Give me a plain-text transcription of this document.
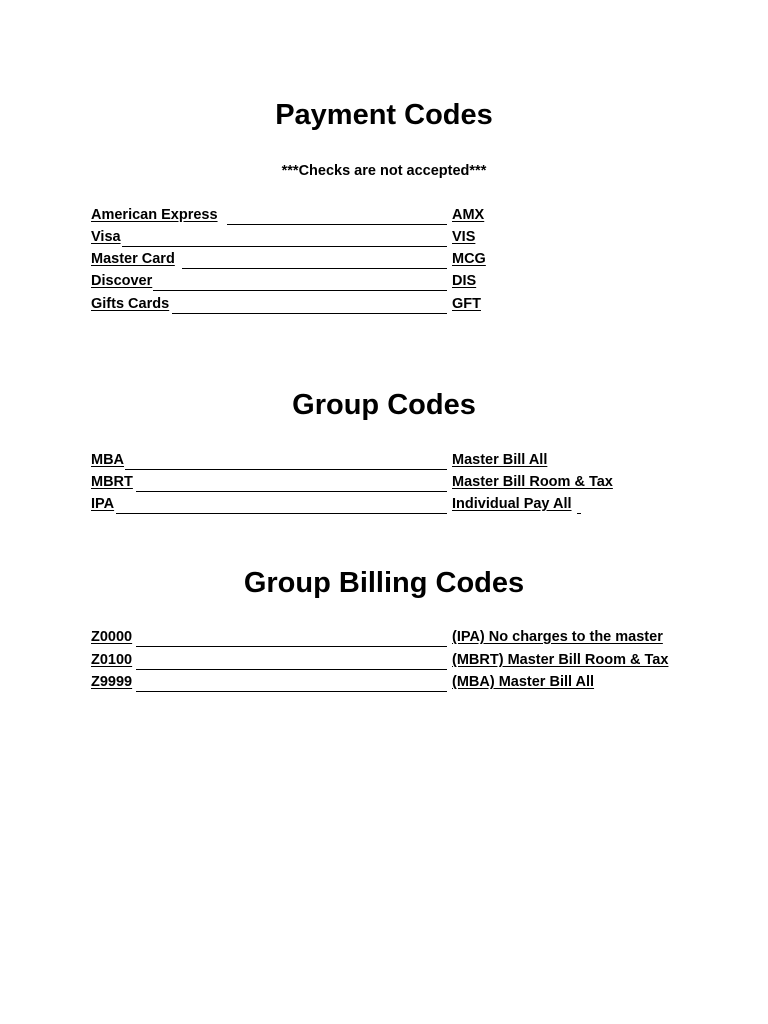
Payment Codes

***Checks are not accepted***

American Express	AMX
Visa	VIS
Master Card	MCG
Discover	DIS
Gifts Cards	GFT
Group Codes
MBA	Master Bill All
MBRT	Master Bill Room & Tax
IPA	Individual Pay All
Group Billing Codes
Z0000	(IPA) No charges to the master
Z0100	(MBRT) Master Bill Room & Tax
Z9999	(MBA) Master Bill All
